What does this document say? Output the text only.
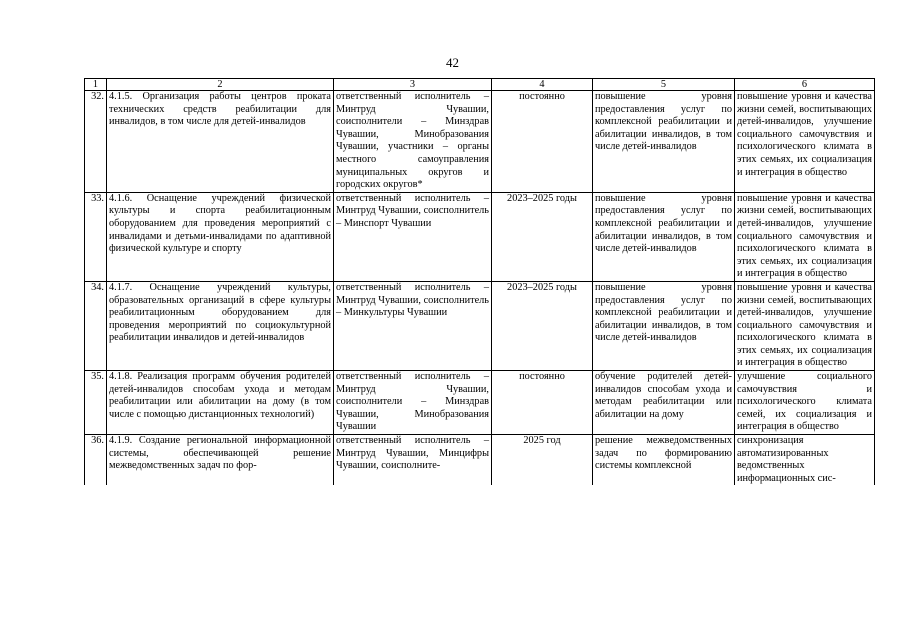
42
1	2	3	4	5	6
32.	4.1.5. Организация работы центров проката технических средств реабилитации для инвалидов, в том числе для детей-инвалидов	ответственный исполнитель – Минтруд Чувашии, соисполнители – Минздрав Чувашии, Минобразования Чувашии, участники – органы местного самоуправления муниципальных округов и городских округов*	постоянно	повышение уровня предоставления услуг по комплексной реабилитации и абилитации инвалидов, в том числе детей-инвалидов	повышение уровня и качества жизни семей, воспитывающих детей-инвалидов, улучшение социального самочувствия и психологического климата в этих семьях, их социализация и интеграция в общество
33.	4.1.6. Оснащение учреждений физической культуры и спорта реабилитационным оборудованием для проведения мероприятий с инвалидами и детьми-инвалидами по адаптивной физической культуре и спорту	ответственный исполнитель – Минтруд Чувашии, соисполнитель – Минспорт Чувашии	2023–2025 годы	повышение уровня предоставления услуг по комплексной реабилитации и абилитации инвалидов, в том числе детей-инвалидов	повышение уровня и качества жизни семей, воспитывающих детей-инвалидов, улучшение социального самочувствия и психологического климата в этих семьях, их социализация и интеграция в общество
34.	4.1.7. Оснащение учреждений культуры, образовательных организаций в сфере культуры реабилитационным оборудованием для проведения мероприятий по социокультурной реабилитации инвалидов и детей-инвалидов	ответственный исполнитель – Минтруд Чувашии, соисполнитель – Минкультуры Чувашии	2023–2025 годы	повышение уровня предоставления услуг по комплексной реабилитации и абилитации инвалидов, в том числе детей-инвалидов	повышение уровня и качества жизни семей, воспитывающих детей-инвалидов, улучшение социального самочувствия и психологического климата в этих семьях, их социализация и интеграция в общество
35.	4.1.8. Реализация программ обучения родителей детей-инвалидов способам ухода и методам реабилитации или абилитации на дому (в том числе с помощью дистанционных технологий)	ответственный исполнитель – Минтруд Чувашии, соисполнители – Минздрав Чувашии, Минобразования Чувашии	постоянно	обучение родителей детей-инвалидов способам ухода и методам реабилитации или абилитации на дому	улучшение социального самочувствия и психологического климата семей, их социализация и интеграция в общество
36.	4.1.9. Создание региональной информационной системы, обеспечивающей решение межведомственных задач по фор-	ответственный исполнитель – Минтруд Чувашии, Минцифры Чувашии, соисполните-	2025 год	решение межведомственных задач по формированию системы комплексной	синхронизация автоматизированных ведомственных информационных сис-
